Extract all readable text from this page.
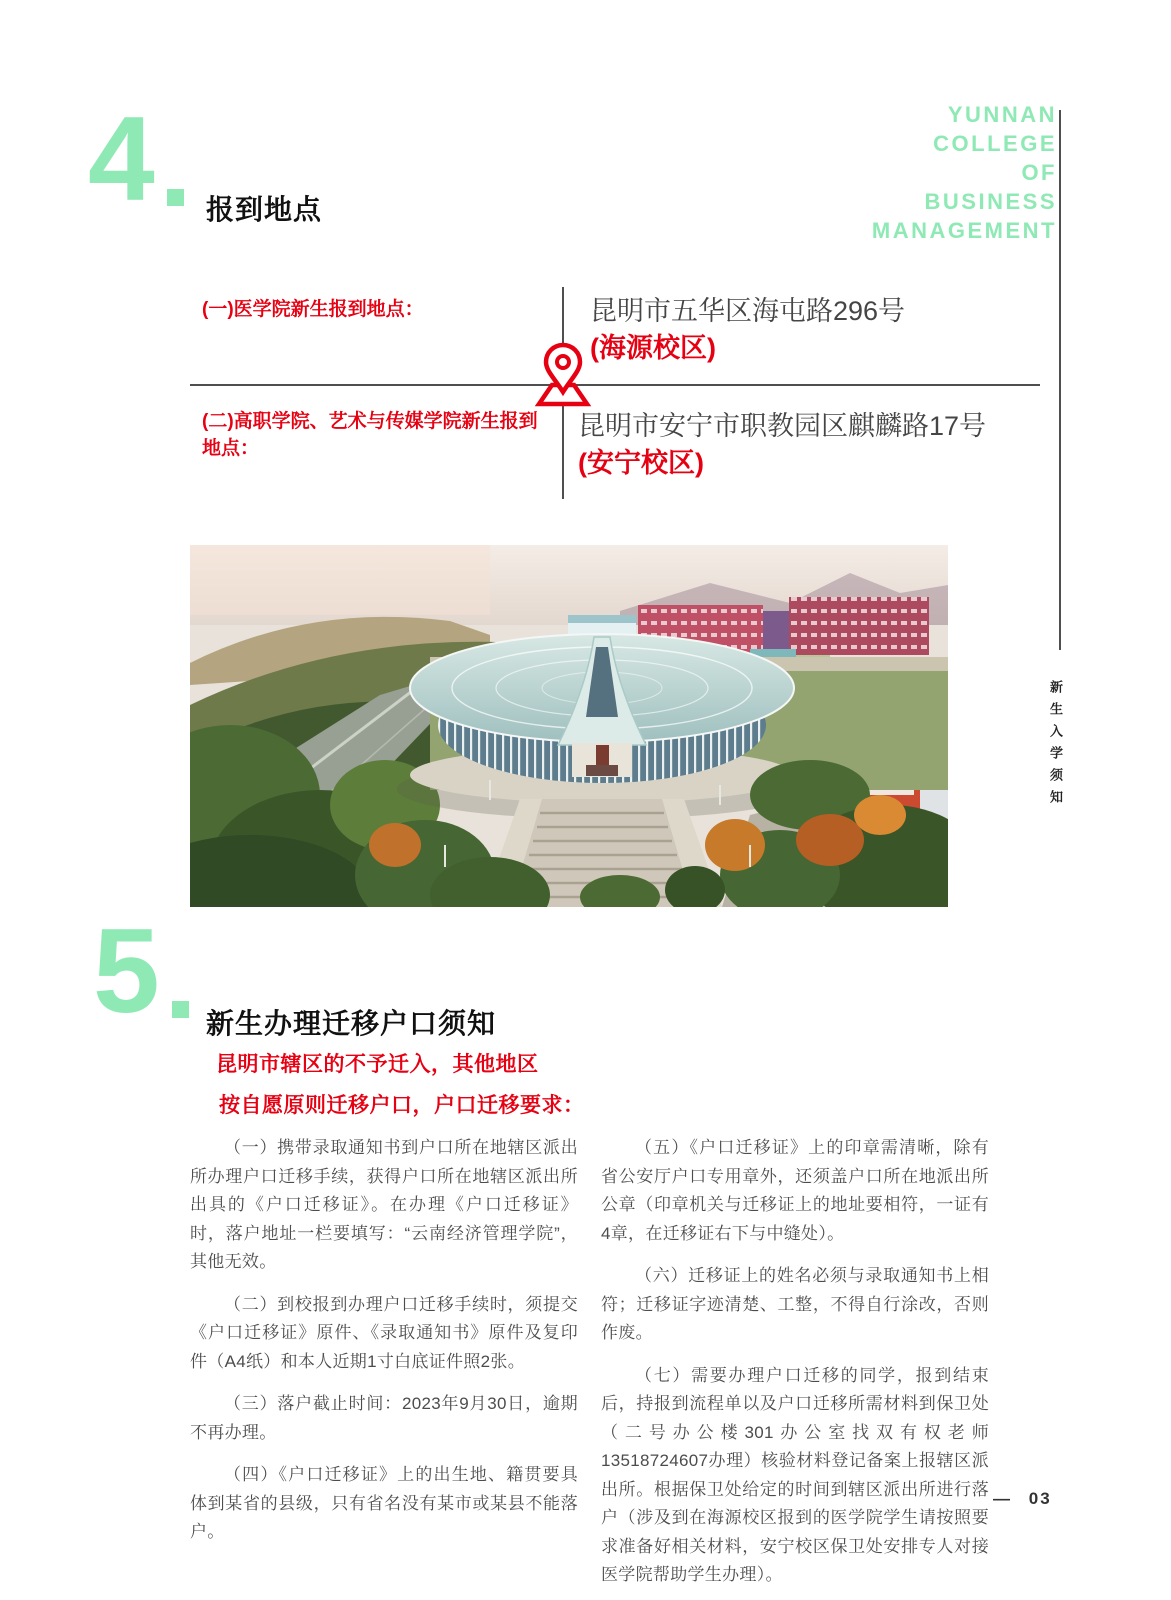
4 报到地点
YUNNAN
COLLEGE
OF
BUSINESS
MANAGEMENT
新生入学须知
(一)医学院新生报到地点：	昆明市五华区海屯路296号
(海源校区)
(二)高职学院、艺术与传媒学院新生报到地点：
昆明市安宁市职教园区麒麟路17号
(安宁校区)
5 新生办理迁移户口须知
昆明市辖区的不予迁入，其他地区
按自愿原则迁移户口，户口迁移要求：

（一）携带录取通知书到户口所在地辖区派出所办理户口迁移手续，获得户口所在地辖区派出所出具的《户口迁移证》。在办理《户口迁移证》时，落户地址一栏要填写：“云南经济管理学院”，其他无效。

（二）到校报到办理户口迁移手续时，须提交《户口迁移证》原件、《录取通知书》原件及复印件（A4纸）和本人近期1寸白底证件照2张。

（三）落户截止时间：2023年9月30日，逾期不再办理。

（四）《户口迁移证》上的出生地、籍贯要具体到某省的县级，只有省名没有某市或某县不能落户。

（五）《户口迁移证》上的印章需清晰，除有省公安厅户口专用章外，还须盖户口所在地派出所公章（印章机关与迁移证上的地址要相符，一证有4章，在迁移证右下与中缝处）。

（六）迁移证上的姓名必须与录取通知书上相符；迁移证字迹清楚、工整，不得自行涂改，否则作废。

（七）需要办理户口迁移的同学，报到结束后，持报到流程单以及户口迁移所需材料到保卫处（二号办公楼301办公室找双有权老师13518724607办理）核验材料登记备案上报辖区派出所。根据保卫处给定的时间到辖区派出所进行落户（涉及到在海源校区报到的医学院学生请按照要求准备好相关材料，安宁校区保卫处安排专人对接医学院帮助学生办理）。

— 03
